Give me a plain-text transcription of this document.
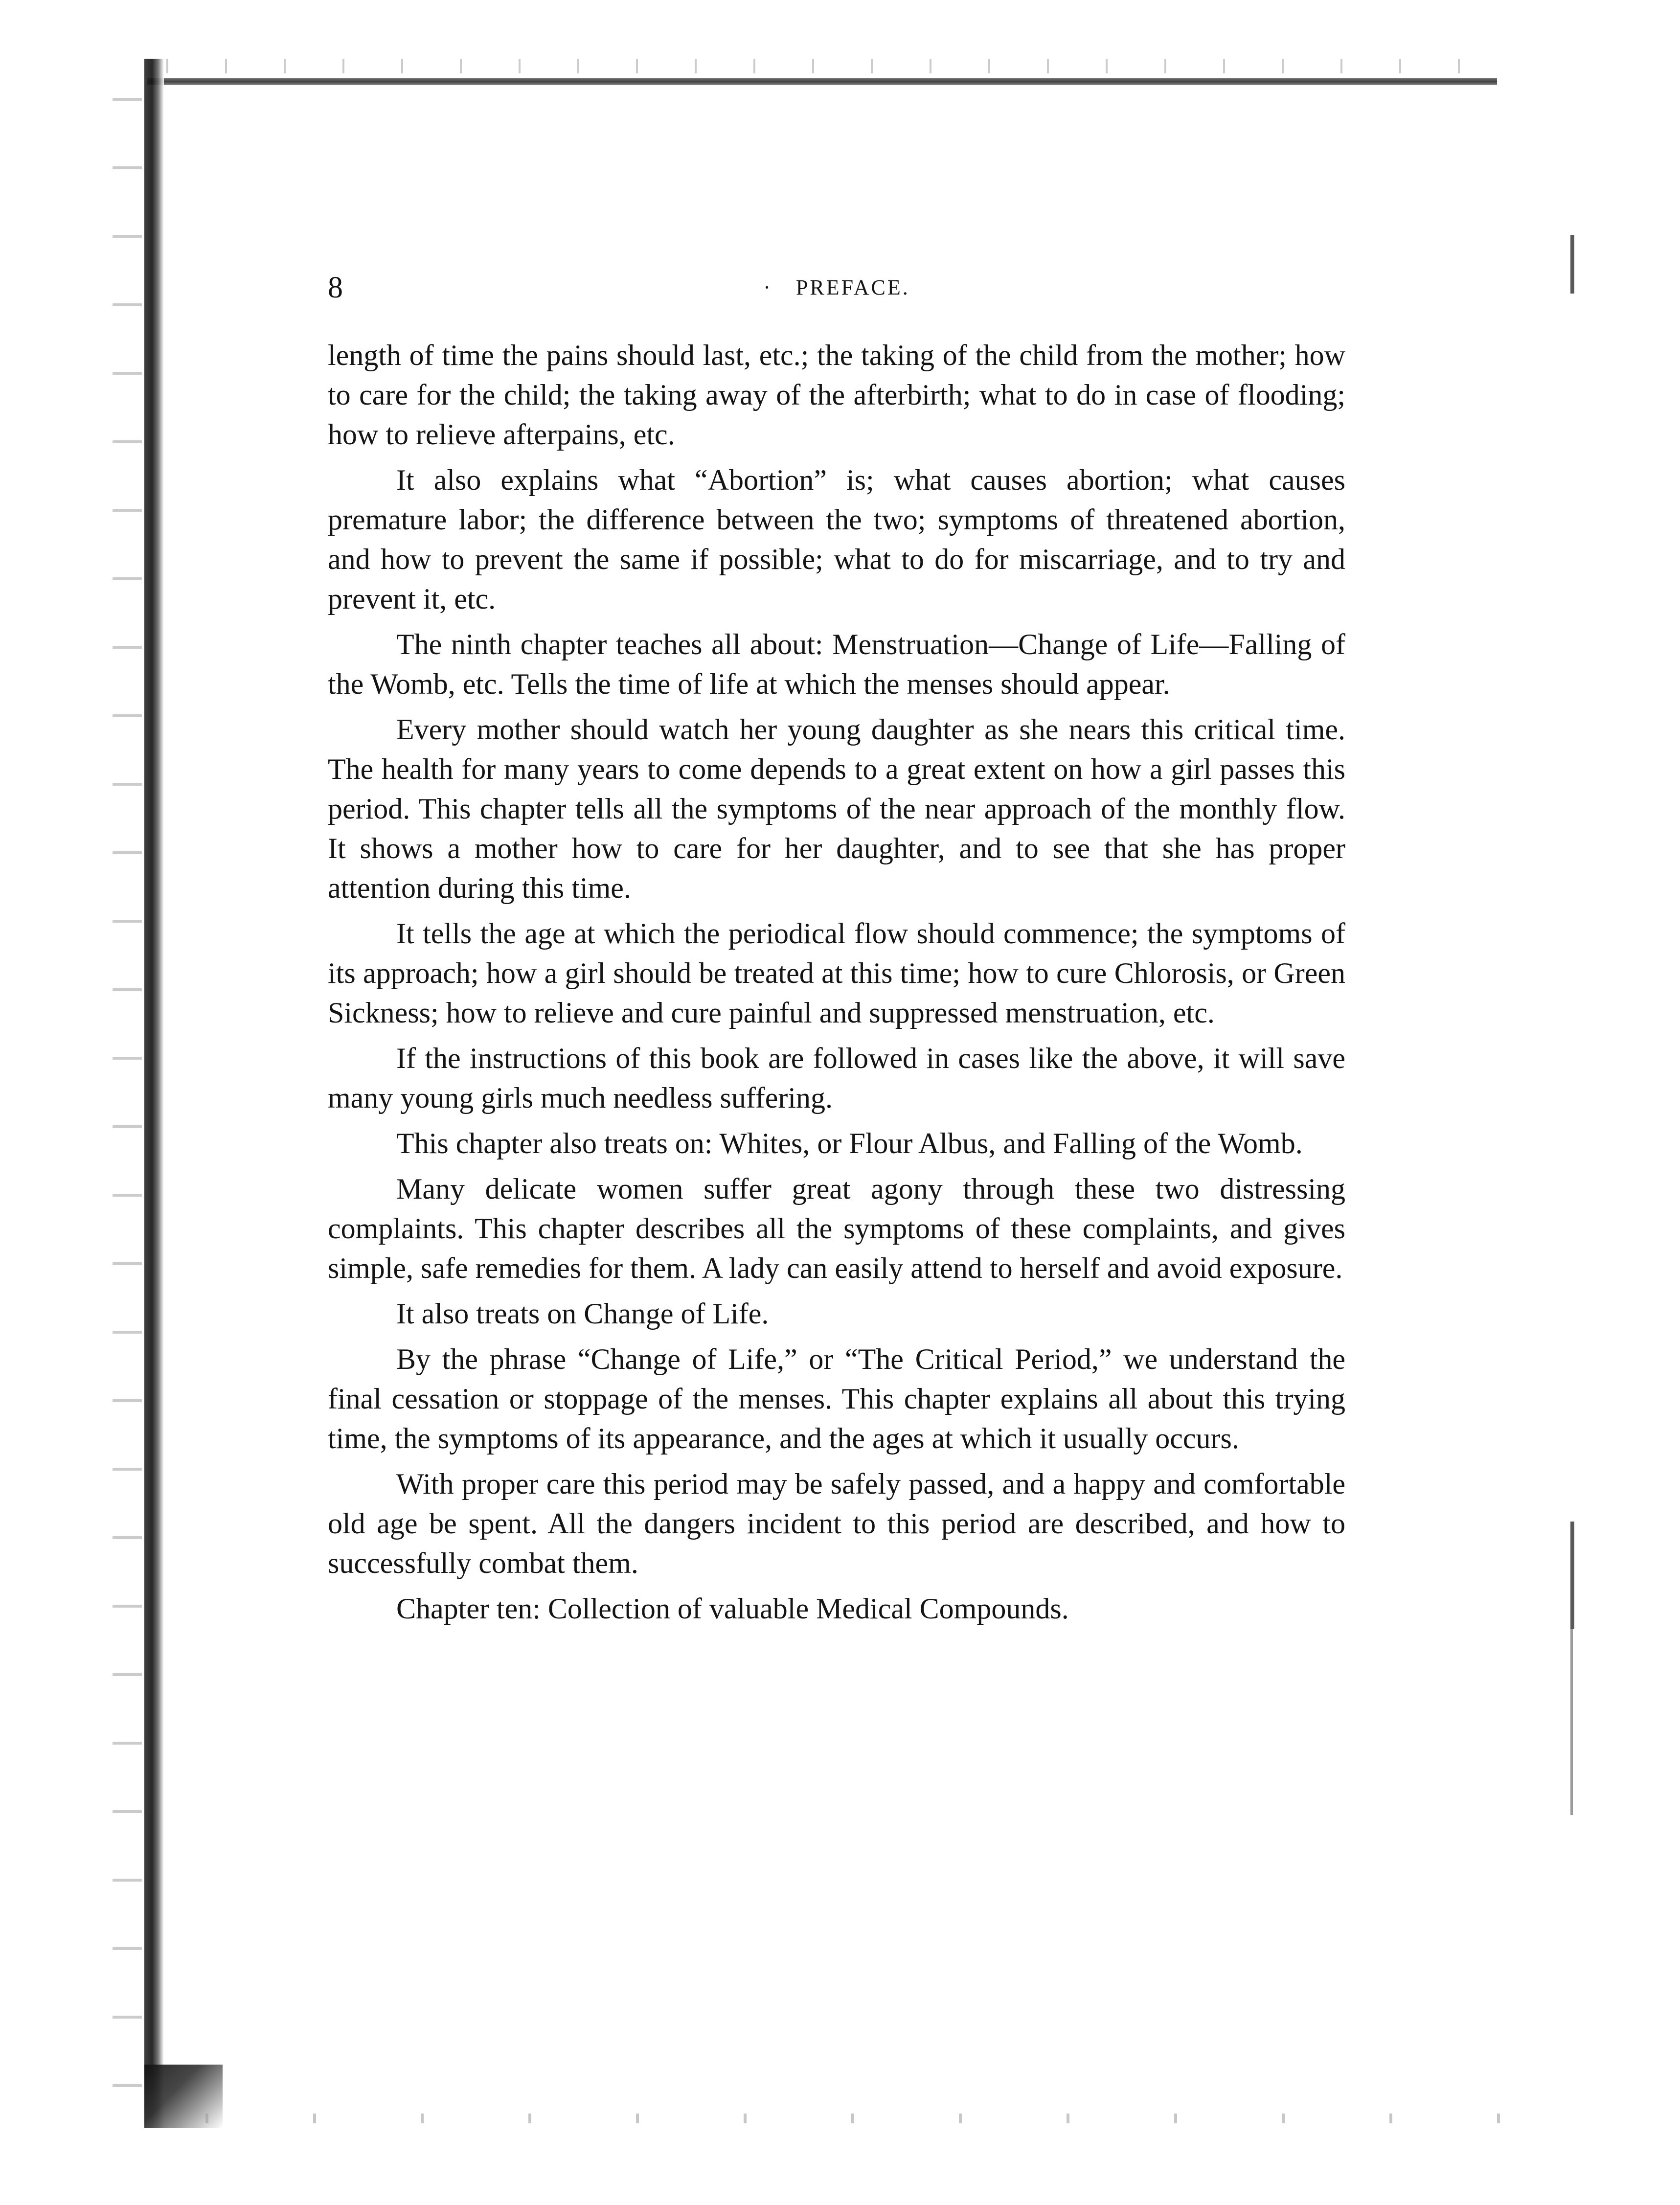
8	· PREFACE.

length of time the pains should last, etc.; the taking of the child from the mother; how to care for the child; the taking away of the afterbirth; what to do in case of flooding; how to relieve afterpains, etc.

It also explains what “Abortion” is; what causes abortion; what causes premature labor; the difference between the two; symptoms of threatened abortion, and how to prevent the same if possible; what to do for miscarriage, and to try and prevent it, etc.

The ninth chapter teaches all about: Menstruation—Change of Life—Falling of the Womb, etc. Tells the time of life at which the menses should appear.

Every mother should watch her young daughter as she nears this critical time. The health for many years to come depends to a great extent on how a girl passes this period. This chapter tells all the symptoms of the near approach of the monthly flow. It shows a mother how to care for her daughter, and to see that she has proper attention during this time.

It tells the age at which the periodical flow should commence; the symptoms of its approach; how a girl should be treated at this time; how to cure Chlorosis, or Green Sickness; how to relieve and cure painful and suppressed menstruation, etc.

If the instructions of this book are followed in cases like the above, it will save many young girls much needless suffering.

This chapter also treats on: Whites, or Flour Albus, and Falling of the Womb.

Many delicate women suffer great agony through these two distressing complaints. This chapter describes all the symptoms of these complaints, and gives simple, safe remedies for them. A lady can easily attend to herself and avoid exposure.

It also treats on Change of Life.

By the phrase “Change of Life,” or “The Critical Period,” we understand the final cessation or stoppage of the menses. This chapter explains all about this trying time, the symptoms of its appearance, and the ages at which it usually occurs.

With proper care this period may be safely passed, and a happy and comfortable old age be spent. All the dangers incident to this period are described, and how to successfully combat them.

Chapter ten: Collection of valuable Medical Compounds.
